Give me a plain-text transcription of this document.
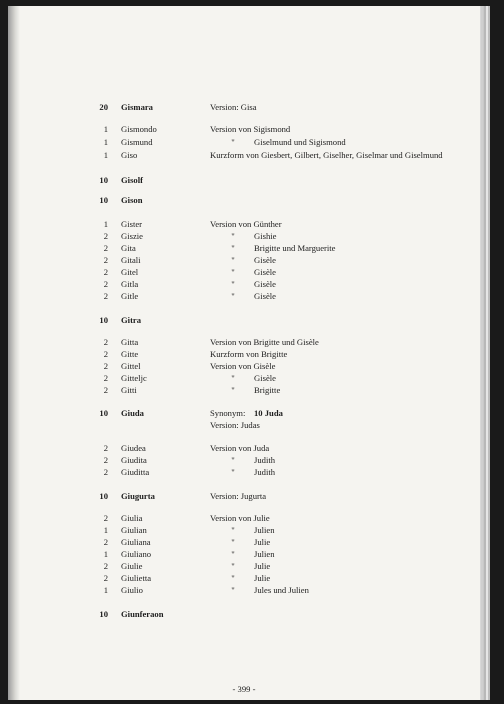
20 Gismara	Version: Gisa
1 Gismondo	Version von Sigismond
1 Gismund	"	Giselmund und Sigismond
1 Giso	Kurzform von Giesbert, Gilbert, Giselher, Giselmar und Giselmund
10 Gisolf
10 Gison
1 Gister	Version von Günther
2 Giszie	"	Gishie
2 Gita	"	Brigitte und Marguerite
2 Gitali	"	Gisèle
2 Gitel	"	Gisèle
2 Gitla	"	Gisèle
2 Gitle	"	Gisèle
10 Gitra
2 Gitta	Version von Brigitte und Gisèle
2 Gitte	Kurzform von Brigitte
2 Gittel	Version von Gisèle
2 Gitteljc	"	Gisèle
2 Gitti	"	Brigitte
10 Giuda	Synonym: 10 Juda
Version: Judas
2 Giudea	Version von Juda
2 Giudita	"	Judith
2 Giuditta	"	Judith
10 Giugurta	Version: Jugurta
2 Giulia	Version von Julie
1 Giulian	"	Julien
2 Giuliana	"	Julie
1 Giuliano	"	Julien
2 Giulie	"	Julie
2 Giulietta	"	Julie
1 Giulio	"	Jules und Julien
10 Giunferaon
- 399 -
